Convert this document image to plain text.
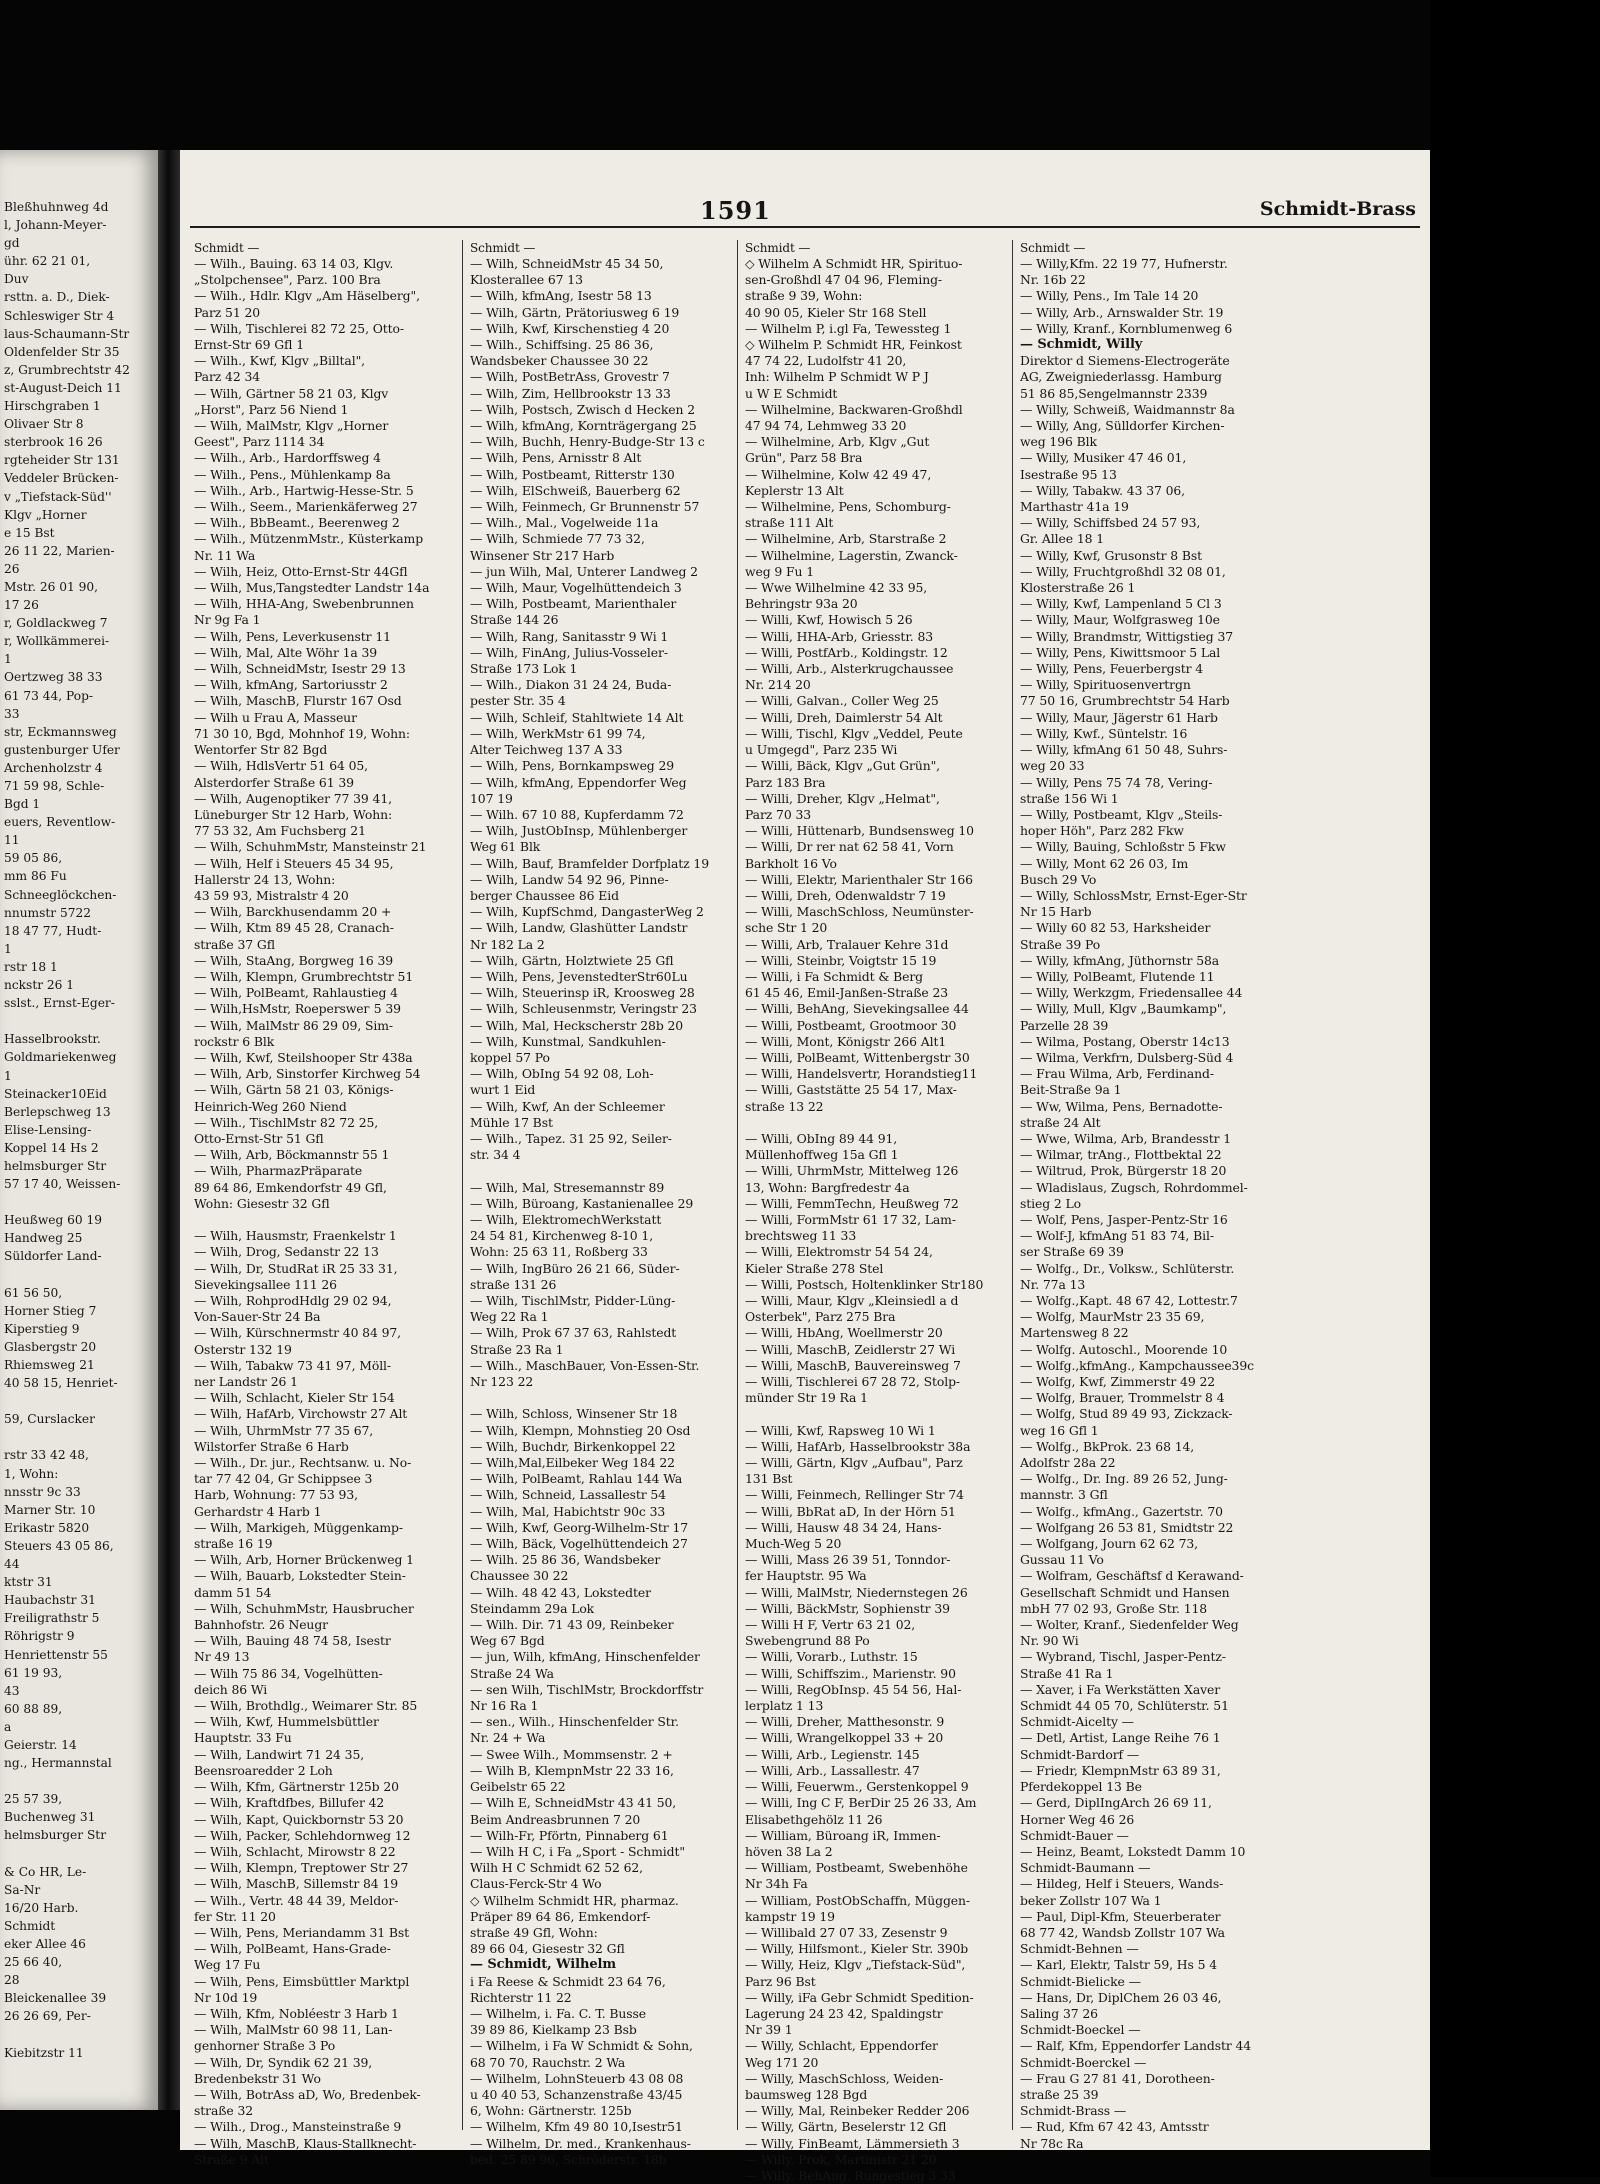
Bleßhuhnweg 4d
l, Johann-Meyer-
gd
ühr. 62 21 01,
Duv
rsttn. a. D., Diek-
Schleswiger Str 4
laus-Schaumann-Str
Oldenfelder Str 35
z, Grumbrechtstr 42
st-August-Deich 11
Hirschgraben 1
Olivaer Str 8
sterbrook 16 26
rgteheider Str 131
Veddeler Brücken-
v „Tiefstack-Süd''
Klgv „Horner
e 15 Bst
26 11 22, Marien-
26
Mstr. 26 01 90,
17 26
r, Goldlackweg 7
r, Wollkämmerei-
1
Oertzweg 38 33
61 73 44, Pop-
33
str, Eckmannsweg
gustenburger Ufer
Archenholzstr 4
71 59 98, Schle-
Bgd 1
euers, Reventlow-
11
59 05 86,
mm 86 Fu
Schneeglöckchen-
nnumstr 5722
18 47 77, Hudt-
1
rstr 18 1
nckstr 26 1
sslst., Ernst-Eger-

Hasselbrookstr.
Goldmariekenweg
1
Steinacker10Eid
Berlepschweg 13
Elise-Lensing-
Koppel 14 Hs 2
helmsburger Str
57 17 40, Weissen-

Heußweg 60 19
Handweg 25
Süldorfer Land-

61 56 50,
Horner Stieg 7
Kiperstieg 9
Glasbergstr 20
Rhiemsweg 21
40 58 15, Henriet-

59, Curslacker

rstr 33 42 48,
1, Wohn:
nnsstr 9c 33
Marner Str. 10
Erikastr 5820
Steuers 43 05 86,
44
ktstr 31
Haubachstr 31
Freiligrathstr 5
Röhrigstr 9
Henriettenstr 55
61 19 93,
43
60 88 89,
a
Geierstr. 14
ng., Hermannstal

25 57 39,
Buchenweg 31
helmsburger Str

& Co HR, Le-
Sa-Nr
16/20 Harb.
Schmidt
eker Allee 46
25 66 40,
28
Bleickenallee 39
26 26 69, Per-

Kiebitzstr 11
1591	Schmidt-Brass
Schmidt —
— Wilh., Bauing. 63 14 03, Klgv.
„Stolpchensee", Parz. 100 Bra
— Wilh., Hdlr. Klgv „Am Häselberg",
Parz 51 20
— Wilh, Tischlerei 82 72 25, Otto-
Ernst-Str 69 Gfl 1
— Wilh., Kwf, Klgv „Billtal",
Parz 42 34
— Wilh, Gärtner 58 21 03, Klgv
„Horst", Parz 56 Niend 1
— Wilh, MalMstr, Klgv „Horner
Geest", Parz 1114 34
— Wilh., Arb., Hardorffsweg 4
— Wilh., Pens., Mühlenkamp 8a
— Wilh., Arb., Hartwig-Hesse-Str. 5
— Wilh., Seem., Marienkäferweg 27
— Wilh., BbBeamt., Beerenweg 2
— Wilh., MützenmMstr., Küsterkamp
Nr. 11 Wa
— Wilh, Heiz, Otto-Ernst-Str 44Gfl
— Wilh, Mus,Tangstedter Landstr 14a
— Wilh, HHA-Ang, Swebenbrunnen
Nr 9g Fa 1
— Wilh, Pens, Leverkusenstr 11
— Wilh, Mal, Alte Wöhr 1a 39
— Wilh, SchneidMstr, Isestr 29 13
— Wilh, kfmAng, Sartoriusstr 2
— Wilh, MaschB, Flurstr 167 Osd
— Wilh u Frau A, Masseur
71 30 10, Bgd, Mohnhof 19, Wohn:
Wentorfer Str 82 Bgd
— Wilh, HdlsVertr 51 64 05,
Alsterdorfer Straße 61 39
— Wilh, Augenoptiker 77 39 41,
Lüneburger Str 12 Harb, Wohn:
77 53 32, Am Fuchsberg 21
— Wilh, SchuhmMstr, Mansteinstr 21
— Wilh, Helf i Steuers 45 34 95,
Hallerstr 24 13, Wohn:
43 59 93, Mistralstr 4 20
— Wilh, Barckhusendamm 20 +
— Wilh, Ktm 89 45 28, Cranach-
straße 37 Gfl
— Wilh, StaAng, Borgweg 16 39
— Wilh, Klempn, Grumbrechtstr 51
— Wilh, PolBeamt, Rahlaustieg 4
— Wilh,HsMstr, Roeperswег 5 39
— Wilh, MalMstr 86 29 09, Sim-
rockstr 6 Blk
— Wilh, Kwf, Steilshooper Str 438a
— Wilh, Arb, Sinstorfer Kirchweg 54
— Wilh, Gärtn 58 21 03, Königs-
Heinrich-Weg 260 Niend
— Wilh., TischlMstr 82 72 25,
Otto-Ernst-Str 51 Gfl
— Wilh, Arb, Böckmannstr 55 1
— Wilh, PharmazPräparate
89 64 86, Emkendorfstr 49 Gfl,
Wohn: Giesestr 32 Gfl

— Wilh, Hausmstr, Fraenkelstr 1
— Wilh, Drog, Sedanstr 22 13
— Wilh, Dr, StudRat iR 25 33 31,
Sievekingsallee 111 26
— Wilh, RohprodHdlg 29 02 94,
Von-Sauer-Str 24 Ba
— Wilh, Kürschnermstr 40 84 97,
Osterstr 132 19
— Wilh, Tabakw 73 41 97, Möll-
ner Landstr 26 1
— Wilh, Schlacht, Kieler Str 154
— Wilh, HafArb, Virchowstr 27 Alt
— Wilh, UhrmMstr 77 35 67,
Wilstorfer Straße 6 Harb
— Wilh., Dr. jur., Rechtsanw. u. No-
tar 77 42 04, Gr Schippsee 3
Harb, Wohnung: 77 53 93,
Gerhardstr 4 Harb 1
— Wilh, Markigeh, Müggenkamp-
straße 16 19
— Wilh, Arb, Horner Brückenweg 1
— Wilh, Bauarb, Lokstedter Stein-
damm 51 54
— Wilh, SchuhmMstr, Hausbrucher
Bahnhofstr. 26 Neugr
— Wilh, Bauing 48 74 58, Isestr
Nr 49 13
— Wilh 75 86 34, Vogelhütten-
deich 86 Wi
— Wilh, Brothdlg., Weimarer Str. 85
— Wilh, Kwf, Hummelsbüttler
Hauptstr. 33 Fu
— Wilh, Landwirt 71 24 35,
Beensroaredder 2 Loh
— Wilh, Kfm, Gärtnerstr 125b 20
— Wilh, Kraftdfbes, Billufer 42
— Wilh, Kapt, Quickbornstr 53 20
— Wilh, Packer, Schlehdornweg 12
— Wilh, Schlacht, Mirowstr 8 22
— Wilh, Klempn, Treptower Str 27
— Wilh, MaschB, Sillemstr 84 19
— Wilh., Vertr. 48 44 39, Meldor-
fer Str. 11 20
— Wilh, Pens, Meriandamm 31 Bst
— Wilh, PolBeamt, Hans-Grade-
Weg 17 Fu
— Wilh, Pens, Eimsbüttler Marktpl
Nr 10d 19
— Wilh, Kfm, Nobléestr 3 Harb 1
— Wilh, MalMstr 60 98 11, Lan-
genhorner Straße 3 Po
— Wilh, Dr, Syndik 62 21 39,
Bredenbekstr 31 Wo
— Wilh, BotrAss aD, Wo, Bredenbek-
straße 32
— Wilh., Drog., Mansteinstraße 9
— Wilh, MaschB, Klaus-Stallknecht-
Straße 9 Alt
Schmidt —
— Wilh, SchneidMstr 45 34 50,
Klosterallee 67 13
— Wilh, kfmAng, Isestr 58 13
— Wilh, Gärtn, Prätoriusweg 6 19
— Wilh, Kwf, Kirschenstieg 4 20
— Wilh., Schiffsing. 25 86 36,
Wandsbeker Chaussee 30 22
— Wilh, PostBetrAss, Grovestr 7
— Wilh, Zim, Hellbrookstr 13 33
— Wilh, Postsch, Zwisch d Hecken 2
— Wilh, kfmAng, Kornträgergang 25
— Wilh, Buchh, Henry-Budge-Str 13 c
— Wilh, Pens, Arnisstr 8 Alt
— Wilh, Postbeamt, Ritterstr 130
— Wilh, ElSchweiß, Bauerberg 62
— Wilh, Feinmech, Gr Brunnenstr 57
— Wilh., Mal., Vogelweide 11a
— Wilh, Schmiede 77 73 32,
Winsener Str 217 Harb
— jun Wilh, Mal, Unterer Landweg 2
— Wilh, Maur, Vogelhüttendeich 3
— Wilh, Postbeamt, Marienthaler
Straße 144 26
— Wilh, Rang, Sanitasstr 9 Wi 1
— Wilh, FinAng, Julius-Vosseler-
Straße 173 Lok 1
— Wilh., Diakon 31 24 24, Buda-
pester Str. 35 4
— Wilh, Schleif, Stahltwiete 14 Alt
— Wilh, WerkMstr 61 99 74,
Alter Teichweg 137 A 33
— Wilh, Pens, Bornkampsweg 29
— Wilh, kfmAng, Eppendorfer Weg
107 19
— Wilh. 67 10 88, Kupferdamm 72
— Wilh, JustObInsp, Mühlenberger
Weg 61 Blk
— Wilh, Bauf, Bramfelder Dorfplatz 19
— Wilh, Landw 54 92 96, Pinne-
berger Chaussee 86 Eid
— Wilh, KupfSchmd, DangasterWeg 2
— Wilh, Landw, Glashütter Landstr
Nr 182 La 2
— Wilh, Gärtn, Holztwiete 25 Gfl
— Wilh, Pens, JevenstedterStr60Lu
— Wilh, Steuerinsp iR, Kroosweg 28
— Wilh, Schleusenmstr, Veringstr 23
— Wilh, Mal, Heckscherstr 28b 20
— Wilh, Kunstmal, Sandkuhlen-
koppel 57 Po
— Wilh, ObIng 54 92 08, Loh-
wurt 1 Eid
— Wilh, Kwf, An der Schleemer
Mühle 17 Bst
— Wilh., Tapez. 31 25 92, Seiler-
str. 34 4

— Wilh, Mal, Stresemannstr 89
— Wilh, Büroang, Kastanienallee 29
— Wilh, ElektromechWerkstatt
24 54 81, Kirchenweg 8-10 1,
Wohn: 25 63 11, Roßberg 33
— Wilh, IngBüro 26 21 66, Süder-
straße 131 26
— Wilh, TischlMstr, Pidder-Lüng-
Weg 22 Ra 1
— Wilh, Prok 67 37 63, Rahlstedt
Straße 23 Ra 1
— Wilh., MaschBauer, Von-Essen-Str.
Nr 123 22

— Wilh, Schloss, Winsener Str 18
— Wilh, Klempn, Mohnstieg 20 Osd
— Wilh, Buchdr, Birkenkoppel 22
— Wilh,Mal,Eilbeker Weg 184 22
— Wilh, PolBeamt, Rahlau 144 Wa
— Wilh, Schneid, Lassallestr 54
— Wilh, Mal, Habichtstr 90c 33
— Wilh, Kwf, Georg-Wilhelm-Str 17
— Wilh, Bäck, Vogelhüttendeich 27
— Wilh. 25 86 36, Wandsbeker
Chaussee 30 22
— Wilh. 48 42 43, Lokstedter
Steindamm 29a Lok
— Wilh. Dir. 71 43 09, Reinbeker
Weg 67 Bgd
— jun, Wilh, kfmAng, Hinschenfelder
Straße 24 Wa
— sen Wilh, TischlMstr, Brockdorffstr
Nr 16 Ra 1
— sen., Wilh., Hinschenfelder Str.
Nr. 24 + Wa
— Swee Wilh., Mommsenstr. 2 +
— Wilh B, KlempnMstr 22 33 16,
Geibelstr 65 22
— Wilh E, SchneidMstr 43 41 50,
Beim Andreasbrunnen 7 20
— Wilh-Fr, Pförtn, Pinnaberg 61
— Wilh H C, i Fa „Sport - Schmidt"
Wilh H C Schmidt 62 52 62,
Claus-Ferck-Str 4 Wo
◇ Wilhelm Schmidt HR, pharmaz.
Präper 89 64 86, Emkendorf-
straße 49 Gfl, Wohn:
89 66 04, Giesestr 32 Gfl
— Schmidt, Wilhelm
i Fa Reese & Schmidt 23 64 76,
Richterstr 11 22
— Wilhelm, i. Fa. C. T. Busse
39 89 86, Kielkamp 23 Bsb
— Wilhelm, i Fa W Schmidt & Sohn,
68 70 70, Rauchstr. 2 Wa
— Wilhelm, LohnSteuerb 43 08 08
u 40 40 53, Schanzenstraße 43/45
6, Wohn: Gärtnerstr. 125b
— Wilhelm, Kfm 49 80 10,Isestr51
— Wilhelm, Dr. med., Krankenhaus-
bed. 25 89 96, Schröderstr. 18b
Schmidt —
◇ Wilhelm A Schmidt HR, Spirituo-
sen-Großhdl 47 04 96, Fleming-
straße 9 39, Wohn:
40 90 05, Kieler Str 168 Stell
— Wilhelm P, i.gl Fa, Tewessteg 1
◇ Wilhelm P. Schmidt HR, Feinkost
47 74 22, Ludolfstr 41 20,
Inh: Wilhelm P Schmidt W P J
u W E Schmidt
— Wilhelmine, Backwaren-Großhdl
47 94 74, Lehmweg 33 20
— Wilhelmine, Arb, Klgv „Gut
Grün", Parz 58 Bra
— Wilhelmine, Kolw 42 49 47,
Keplerstr 13 Alt
— Wilhelmine, Pens, Schomburg-
straße 111 Alt
— Wilhelmine, Arb, Starstraße 2
— Wilhelmine, Lagerstin, Zwanck-
weg 9 Fu 1
— Wwe Wilhelmine 42 33 95,
Behringstr 93a 20
— Willi, Kwf, Howisch 5 26
— Willi, HHA-Arb, Griesstr. 83
— Willi, PostfArb., Koldingstr. 12
— Willi, Arb., Alsterkrugchaussee
Nr. 214 20
— Willi, Galvan., Coller Weg 25
— Willi, Dreh, Daimlerstr 54 Alt
— Willi, Tischl, Klgv „Veddel, Peute
u Umgegd", Parz 235 Wi
— Willi, Bäck, Klgv „Gut Grün",
Parz 183 Bra
— Willi, Dreher, Klgv „Helmat",
Parz 70 33
— Willi, Hüttenarb, Bundsensweg 10
— Willi, Dr rer nat 62 58 41, Vorn
Barkholt 16 Vo
— Willi, Elektr, Marienthaler Str 166
— Willi, Dreh, Odenwaldstr 7 19
— Willi, MaschSchloss, Neumünster-
sche Str 1 20
— Willi, Arb, Tralauer Kehre 31d
— Willi, Steinbr, Voigtstr 15 19
— Willi, i Fa Schmidt & Berg
61 45 46, Emil-Janßen-Straße 23
— Willi, BehAng, Sievekingsallee 44
— Willi, Postbeamt, Grootmoor 30
— Willi, Mont, Königstr 266 Alt1
— Willi, PolBeamt, Wittenbergstr 30
— Willi, Handelsvertr, Horandstieg11
— Willi, Gaststätte 25 54 17, Max-
straße 13 22

— Willi, ObIng 89 44 91,
Müllenhoffweg 15a Gfl 1
— Willi, UhrmMstr, Mittelweg 126
13, Wohn: Bargfredestr 4a
— Willi, FemmTechn, Heußweg 72
— Willi, FormMstr 61 17 32, Lam-
brechtsweg 11 33
— Willi, Elektromstr 54 54 24,
Kieler Straße 278 Stel
— Willi, Postsch, Holtenklinker Str180
— Willi, Maur, Klgv „Kleinsiedl a d
Osterbek", Parz 275 Bra
— Willi, HbAng, Woellmerstr 20
— Willi, MaschB, Zeidlerstr 27 Wi
— Willi, MaschB, Bauvereinsweg 7
— Willi, Tischlerei 67 28 72, Stolp-
münder Str 19 Ra 1

— Willi, Kwf, Rapsweg 10 Wi 1
— Willi, HafArb, Hasselbrookstr 38a
— Willi, Gärtn, Klgv „Aufbau", Parz
131 Bst
— Willi, Feinmech, Rellinger Str 74
— Willi, BbRat aD, In der Hörn 51
— Willi, Hausw 48 34 24, Hans-
Much-Weg 5 20
— Willi, Mass 26 39 51, Tonndor-
fer Hauptstr. 95 Wa
— Willi, MalMstr, Niedernstegen 26
— Willi, BäckMstr, Sophienstr 39
— Willi H F, Vertr 63 21 02,
Swebengrund 88 Po
— Willi, Vorarb., Luthstr. 15
— Willi, Schiffszim., Marienstr. 90
— Willi, RegObInsp. 45 54 56, Hal-
lerplatz 1 13
— Willi, Dreher, Matthesonstr. 9
— Willi, Wrangelkoppel 33 + 20
— Willi, Arb., Legienstr. 145
— Willi, Arb., Lassallestr. 47
— Willi, Feuerwm., Gerstenkoppel 9
— Willi, Ing C F, BerDir 25 26 33, Am
Elisabethgehölz 11 26
— William, Büroang iR, Immen-
höven 38 La 2
— William, Postbeamt, Swebenhöhe
Nr 34h Fa
— William, PostObSchaffn, Müggen-
kampstr 19 19
— Willibald 27 07 33, Zesenstr 9
— Willy, Hilfsmont., Kieler Str. 390b
— Willy, Heiz, Klgv „Tiefstack-Süd",
Parz 96 Bst
— Willy, iFa Gebr Schmidt Spedition-
Lagerung 24 23 42, Spaldingstr
Nr 39 1
— Willy, Schlacht, Eppendorfer
Weg 171 20
— Willy, MaschSchloss, Weiden-
baumsweg 128 Bgd
— Willy, Mal, Reinbeker Redder 206
— Willy, Gärtn, Beselerstr 12 Gfl
— Willy, FinBeamt, Lämmersieth 3
— Willy, Prok, Martinistr 21 20
— Willy, BehAng, Rungestieg 3 33
Schmidt —
— Willy,Kfm. 22 19 77, Hufnerstr.
Nr. 16b 22
— Willy, Pens., Im Tale 14 20
— Willy, Arb., Arnswalder Str. 19
— Willy, Kranf., Kornblumenweg 6
— Schmidt, Willy
Direktor d Siemens-Electrogeräte
AG, Zweigniederlassg. Hamburg
51 86 85,Sengelmannstr 2339
— Willy, Schweiß, Waidmannstr 8a
— Willy, Ang, Sülldorfer Kirchen-
weg 196 Blk
— Willy, Musiker 47 46 01,
Isestraße 95 13
— Willy, Tabakw. 43 37 06,
Marthastr 41a 19
— Willy, Schiffsbed 24 57 93,
Gr. Allee 18 1
— Willy, Kwf, Grusonstr 8 Bst
— Willy, Fruchtgroßhdl 32 08 01,
Klosterstraße 26 1
— Willy, Kwf, Lampenland 5 Cl 3
— Willy, Maur, Wolfgrasweg 10e
— Willy, Brandmstr, Wittigstieg 37
— Willy, Pens, Kiwittsmoor 5 Lal
— Willy, Pens, Feuerbergstr 4
— Willy, Spirituosenvertrgn
77 50 16, Grumbrechtstr 54 Harb
— Willy, Maur, Jägerstr 61 Harb
— Willy, Kwf., Süntelstr. 16
— Willy, kfmAng 61 50 48, Suhrs-
weg 20 33
— Willy, Pens 75 74 78, Vering-
straße 156 Wi 1
— Willy, Postbeamt, Klgv „Steils-
hoper Höh", Parz 282 Fkw
— Willy, Bauing, Schloßstr 5 Fkw
— Willy, Mont 62 26 03, Im
Busch 29 Vo
— Willy, SchlossMstr, Ernst-Eger-Str
Nr 15 Harb
— Willy 60 82 53, Harksheider
Straße 39 Po
— Willy, kfmAng, Jüthornstr 58a
— Willy, PolBeamt, Flutende 11
— Willy, Werkzgm, Friedensallee 44
— Willy, Mull, Klgv „Baumkamp",
Parzelle 28 39
— Wilma, Postang, Oberstr 14c13
— Wilma, Verkfrn, Dulsberg-Süd 4
— Frau Wilma, Arb, Ferdinand-
Beit-Straße 9a 1
— Ww, Wilma, Pens, Bernadotte-
straße 24 Alt
— Wwe, Wilma, Arb, Brandesstr 1
— Wilmar, trAng., Flottbektal 22
— Wiltrud, Prok, Bürgerstr 18 20
— Wladislaus, Zugsch, Rohrdommel-
stieg 2 Lo
— Wolf, Pens, Jasper-Pentz-Str 16
— Wolf-J, kfmAng 51 83 74, Bil-
ser Straße 69 39
— Wolfg., Dr., Volksw., Schlüterstr.
Nr. 77a 13
— Wolfg.,Kapt. 48 67 42, Lottestr.7
— Wolfg, MaurMstr 23 35 69,
Martensweg 8 22
— Wolfg. Autoschl., Moorende 10
— Wolfg.,kfmAng., Kampchaussee39c
— Wolfg, Kwf, Zimmerstr 49 22
— Wolfg, Brauer, Trommelstr 8 4
— Wolfg, Stud 89 49 93, Zickzack-
weg 16 Gfl 1
— Wolfg., BkProk. 23 68 14,
Adolfstr 28a 22
— Wolfg., Dr. Ing. 89 26 52, Jung-
mannstr. 3 Gfl
— Wolfg., kfmAng., Gazertstr. 70
— Wolfgang 26 53 81, Smidtstr 22
— Wolfgang, Journ 62 62 73,
Gussau 11 Vo
— Wolfram, Geschäftsf d Kerawand-
Gesellschaft Schmidt und Hansen
mbH 77 02 93, Große Str. 118
— Wolter, Kranf., Siedenfelder Weg
Nr. 90 Wi
— Wybrand, Tischl, Jasper-Pentz-
Straße 41 Ra 1
— Xaver, i Fa Werkstätten Xaver
Schmidt 44 05 70, Schlüterstr. 51
Schmidt-Aicelty —
— Detl, Artist, Lange Reihe 76 1
Schmidt-Bardorf —
— Friedr, KlempnMstr 63 89 31,
Pferdekoppel 13 Be
— Gerd, DiplIngArch 26 69 11,
Horner Weg 46 26
Schmidt-Bauer —
— Heinz, Beamt, Lokstedt Damm 10
Schmidt-Baumann —
— Hildeg, Helf i Steuers, Wands-
beker Zollstr 107 Wa 1
— Paul, Dipl-Kfm, Steuerberater
68 77 42, Wandsb Zollstr 107 Wa
Schmidt-Behnen —
— Karl, Elektr, Talstr 59, Hs 5 4
Schmidt-Bielicke —
— Hans, Dr, DiplChem 26 03 46,
Saling 37 26
Schmidt-Boeckel —
— Ralf, Kfm, Eppendorfer Landstr 44
Schmidt-Boerckel —
— Frau G 27 81 41, Dorotheen-
straße 25 39
Schmidt-Brass —
— Rud, Kfm 67 42 43, Amtsstr
Nr 78c Ra
